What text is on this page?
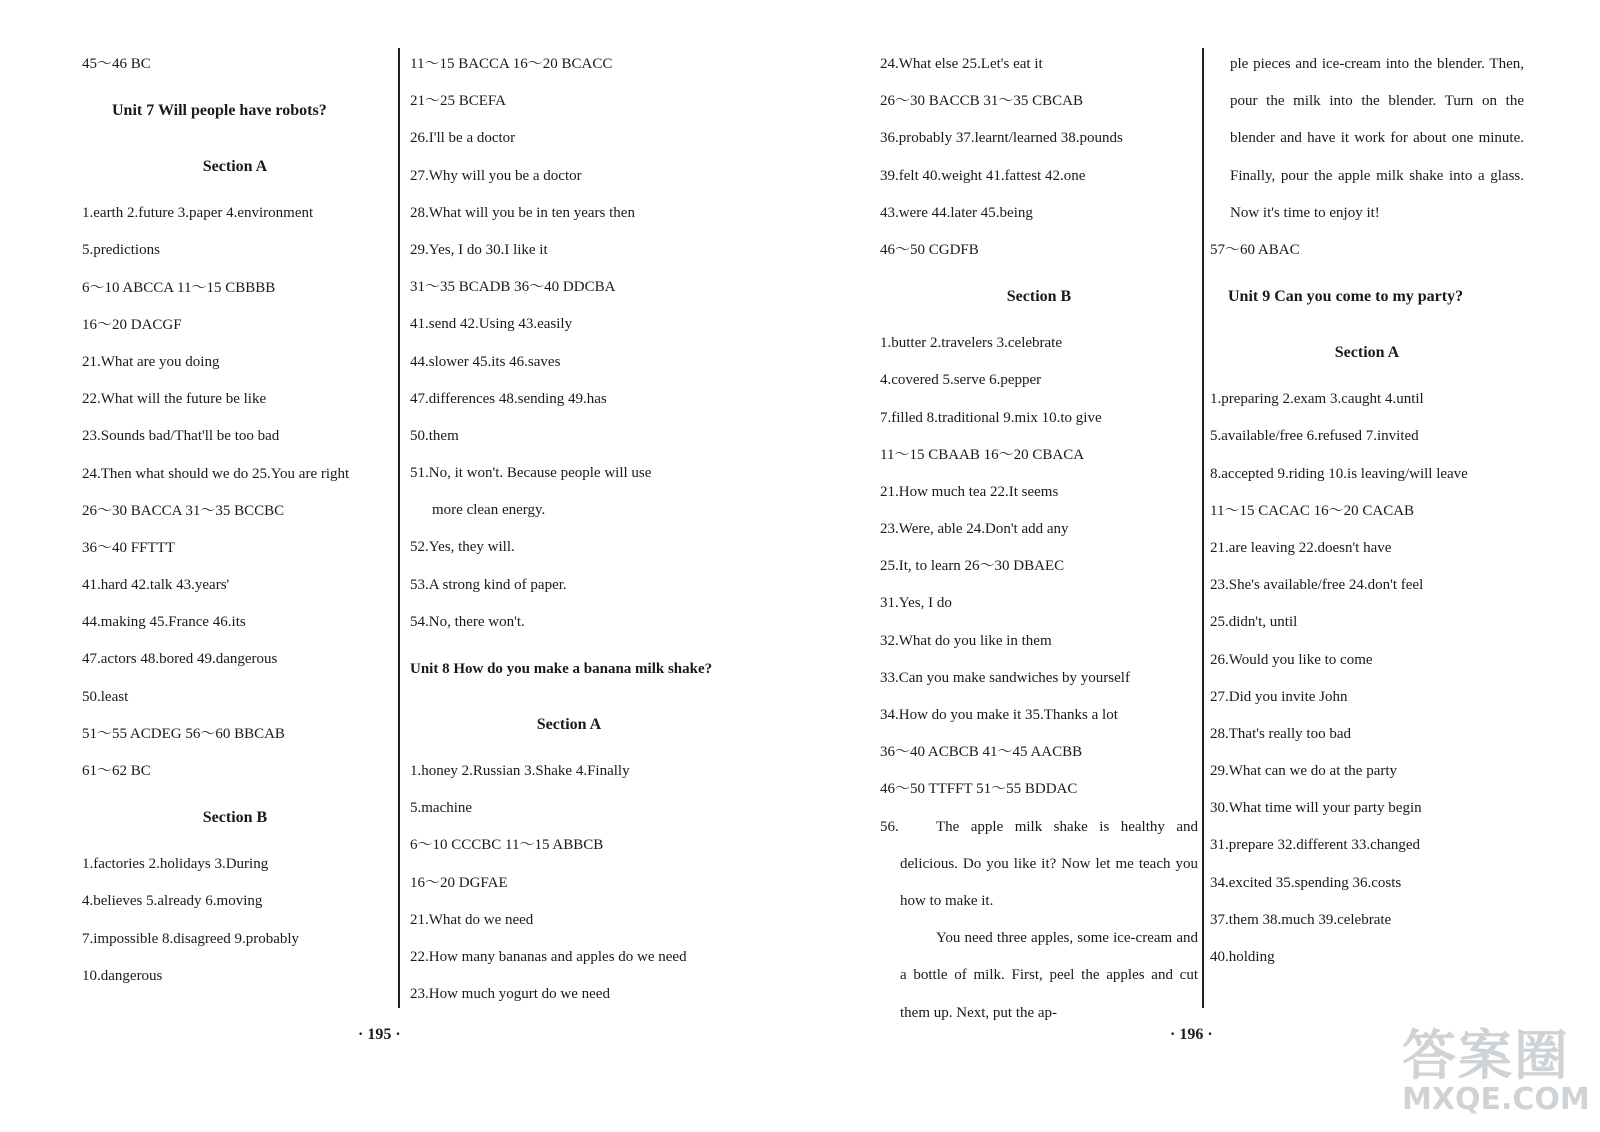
45～46 BC
Unit 7 Will people have robots?
Section A
1.earth 2.future 3.paper 4.environment
5.predictions
6～10 ABCCA 11～15 CBBBB
16～20 DACGF
21.What are you doing
22.What will the future be like
23.Sounds bad/That'll be too bad
24.Then what should we do 25.You are right
26～30 BACCA 31～35 BCCBC
36～40 FFTTT
41.hard 42.talk 43.years'
44.making 45.France 46.its
47.actors 48.bored 49.dangerous
50.least
51～55 ACDEG 56～60 BBCAB
61～62 BC
Section B
1.factories 2.holidays 3.During
4.believes 5.already 6.moving
7.impossible 8.disagreed 9.probably
10.dangerous
11～15 BACCA 16～20 BCACC
21～25 BCEFA
26.I'll be a doctor
27.Why will you be a doctor
28.What will you be in ten years then
29.Yes, I do 30.I like it
31～35 BCADB 36～40 DDCBA
41.send 42.Using 43.easily
44.slower 45.its 46.saves
47.differences 48.sending 49.has
50.them
51.No, it won't. Because people will use
more clean energy.
52.Yes, they will.
53.A strong kind of paper.
54.No, there won't.
Unit 8 How do you make a banana milk shake?
Section A
1.honey 2.Russian 3.Shake 4.Finally
5.machine
6～10 CCCBC 11～15 ABBCB
16～20 DGFAE
21.What do we need
22.How many bananas and apples do we need
23.How much yogurt do we need
24.What else 25.Let's eat it
26～30 BACCB 31～35 CBCAB
36.probably 37.learnt/learned 38.pounds
39.felt 40.weight 41.fattest 42.one
43.were 44.later 45.being
46～50 CGDFB
Section B
1.butter 2.travelers 3.celebrate
4.covered 5.serve 6.pepper
7.filled 8.traditional 9.mix 10.to give
11～15 CBAAB 16～20 CBACA
21.How much tea 22.It seems
23.Were, able 24.Don't add any
25.It, to learn 26～30 DBAEC
31.Yes, I do
32.What do you like in them
33.Can you make sandwiches by yourself
34.How do you make it 35.Thanks a lot
36～40 ACBCB 41～45 AACBB
46～50 TTFFT 51～55 BDDAC
56.	The apple milk shake is healthy and delicious. Do you like it? Now let me teach you how to make it.
You need three apples, some ice-cream and a bottle of milk. First, peel the apples and cut them up. Next, put the ap-
ple pieces and ice-cream into the blender. Then, pour the milk into the blender. Turn on the blender and have it work for about one minute. Finally, pour the apple milk shake into a glass. Now it's time to enjoy it!
57～60 ABAC
Unit 9 Can you come to my party?
Section A
1.preparing 2.exam 3.caught 4.until
5.available/free 6.refused 7.invited
8.accepted 9.riding 10.is leaving/will leave
11～15 CACAC 16～20 CACAB
21.are leaving 22.doesn't have
23.She's available/free 24.don't feel
25.didn't, until
26.Would you like to come
27.Did you invite John
28.That's really too bad
29.What can we do at the party
30.What time will your party begin
31.prepare 32.different 33.changed
34.excited 35.spending 36.costs
37.them 38.much 39.celebrate
40.holding
· 195 ·	· 196 ·	答案圈
MXQE.COM
